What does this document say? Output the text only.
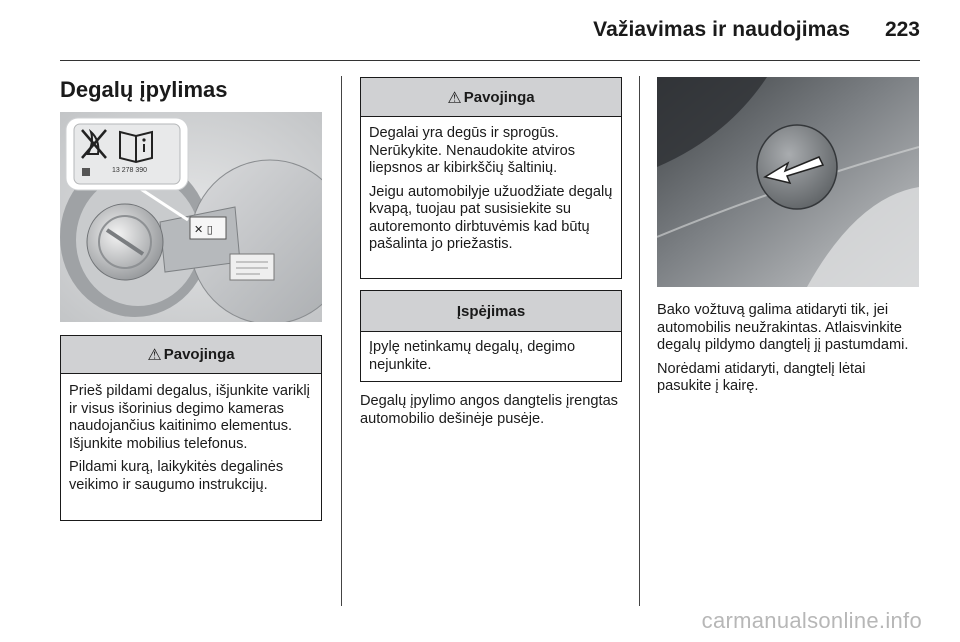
Važiavimas ir naudojimas	223
Degalų įpylimas
✕ ▯
13 278 390
⚠ Pavojinga

Prieš pildami degalus, išjunkite variklį ir visus išorinius degimo kameras naudojančius kaitinimo elementus. Išjunkite mobilius telefonus.

Pildami kurą, laikykitės degalinės veikimo ir saugumo instrukcijų.

⚠ Pavojinga

Degalai yra degūs ir sprogūs. Nerūkykite. Nenaudokite atviros liepsnos ar kibirkščių šaltinių.

Jeigu automobilyje užuodžiate degalų kvapą, tuojau pat susisiekite su autoremonto dirbtuvėmis kad būtų pašalinta jo priežastis.

Įspėjimas

Įpylę netinkamų degalų, degimo nejunkite.

Degalų įpylimo angos dangtelis įrengtas automobilio dešinėje pusėje.

Bako vožtuvą galima atidaryti tik, jei automobilis neužrakintas. Atlaisvinkite degalų pildymo dangtelį jį pastumdami.

Norėdami atidaryti, dangtelį lėtai pasukite į kairę.

carmanualsonline.info
